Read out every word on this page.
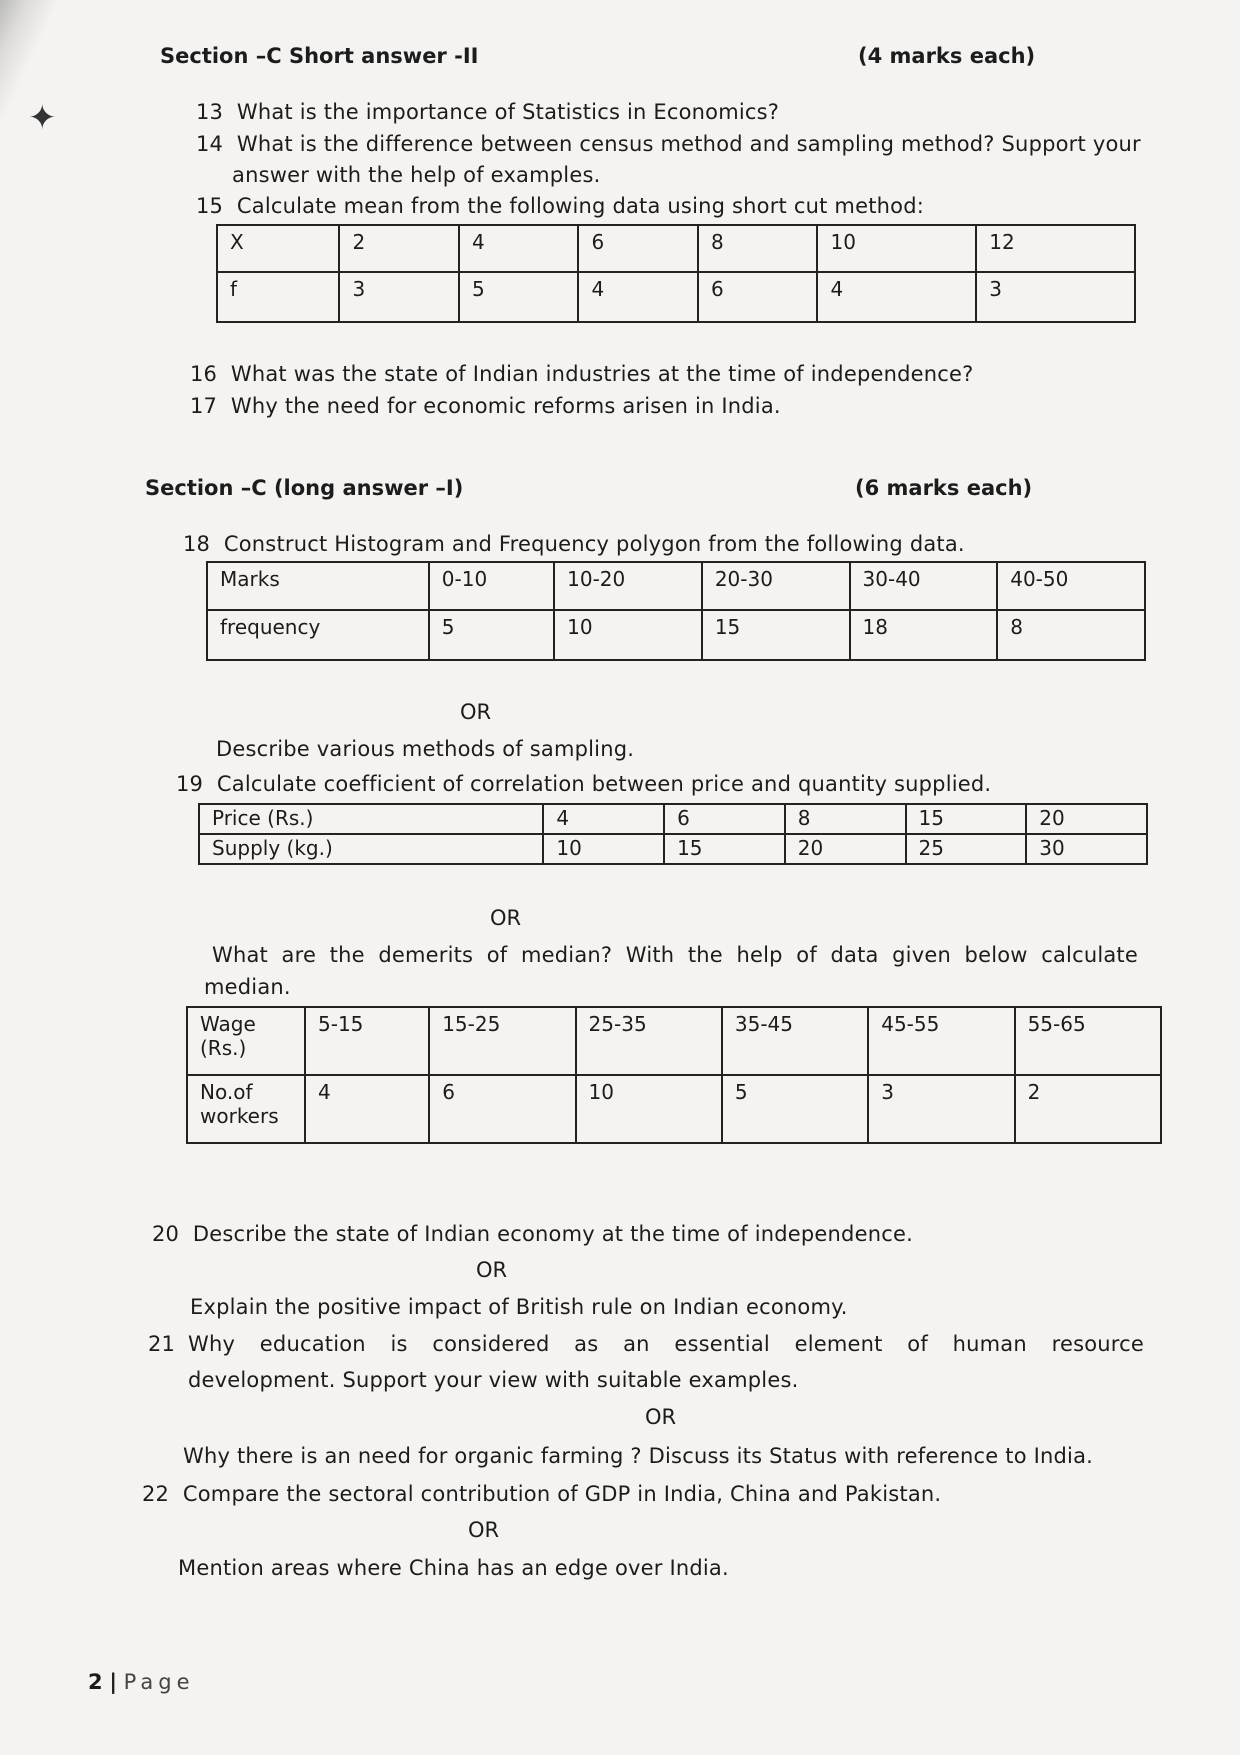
✦
Section –C Short answer -II	(4 marks each)
13 What is the importance of Statistics in Economics?
14 What is the difference between census method and sampling method? Support your
answer with the help of examples.
15 Calculate mean from the following data using short cut method:
X	2	4	6	8	10	12
f	3	5	4	6	4	3
16 What was the state of Indian industries at the time of independence?
17 Why the need for economic reforms arisen in India.
Section –C (long answer –I)	(6 marks each)
18 Construct Histogram and Frequency polygon from the following data.
Marks	0-10	10-20	20-30	30-40	40-50
frequency	5	10	15	18	8
OR
Describe various methods of sampling.
19 Calculate coefficient of correlation between price and quantity supplied.
Price (Rs.)	4	6	8	15	20
Supply (kg.)	10	15	20	25	30
OR
What are the demerits of median? With the help of data given below calculate
median.
Wage (Rs.)	5-15	15-25	25-35	35-45	45-55	55-65
No.of workers	4	6	10	5	3	2
20 Describe the state of Indian economy at the time of independence.
OR
Explain the positive impact of British rule on Indian economy.
21 Why education is considered as an essential element of human resource
development. Support your view with suitable examples.
OR
Why there is an need for organic farming ? Discuss its Status with reference to India.
22 Compare the sectoral contribution of GDP in India, China and Pakistan.
OR
Mention areas where China has an edge over India.
2 | Page
